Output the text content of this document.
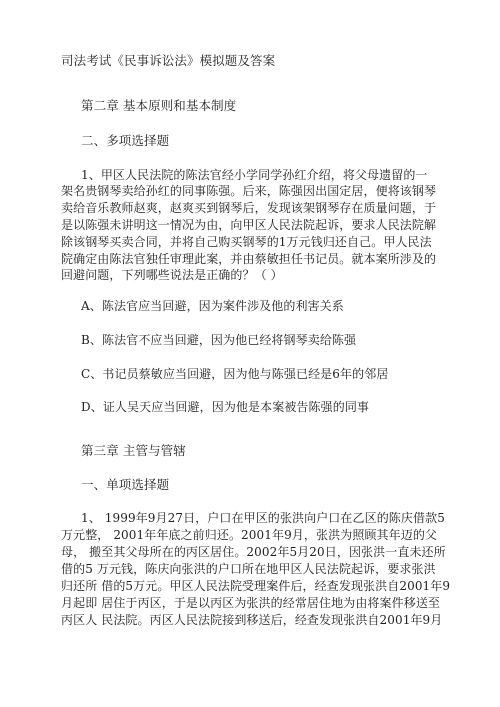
司法考试《民事诉讼法》模拟题及答案
第二章 基本原则和基本制度
二、多项选择题
1、甲区人民法院的陈法官经小学同学孙红介绍，将父母遗留的一
架名贵钢琴卖给孙红的同事陈强。后来，陈强因出国定居，便将该钢琴
卖给音乐教师赵爽，赵爽买到钢琴后，发现该架钢琴存在质量问题，于
是以陈强未讲明这一情况为由，向甲区人民法院起诉，要求人民法院解
除该钢琴买卖合同，并将自己购买钢琴的1万元钱归还自己。甲人民法
院确定由陈法官独任审理此案，并由蔡敏担任书记员。就本案所涉及的
回避问题，下列哪些说法是正确的？（ ）
A、陈法官应当回避，因为案件涉及他的利害关系
B、陈法官不应当回避，因为他已经将钢琴卖给陈强
C、书记员蔡敏应当回避，因为他与陈强已经是6年的邻居
D、证人吴天应当回避，因为他是本案被告陈强的同事
第三章 主管与管辖
一、单项选择题
1、 1999年9月27日，户口在甲区的张洪向户口在乙区的陈庆借款5
万元整， 2001年年底之前归还。2001年9月，张洪为照顾其年迈的父
母， 搬至其父母所在的丙区居住。2002年5月20日，因张洪一直未还所
借的5 万元钱，陈庆向张洪的户口所在地甲区人民法院起诉，要求张洪
归还所 借的5万元。甲区人民法院受理案件后，经查发现张洪自2001年9
月起即 居住于丙区，于是以丙区为张洪的经常居住地为由将案件移送至
丙区人 民法院。丙区人民法院接到移送后，经查发现张洪自2001年9月
